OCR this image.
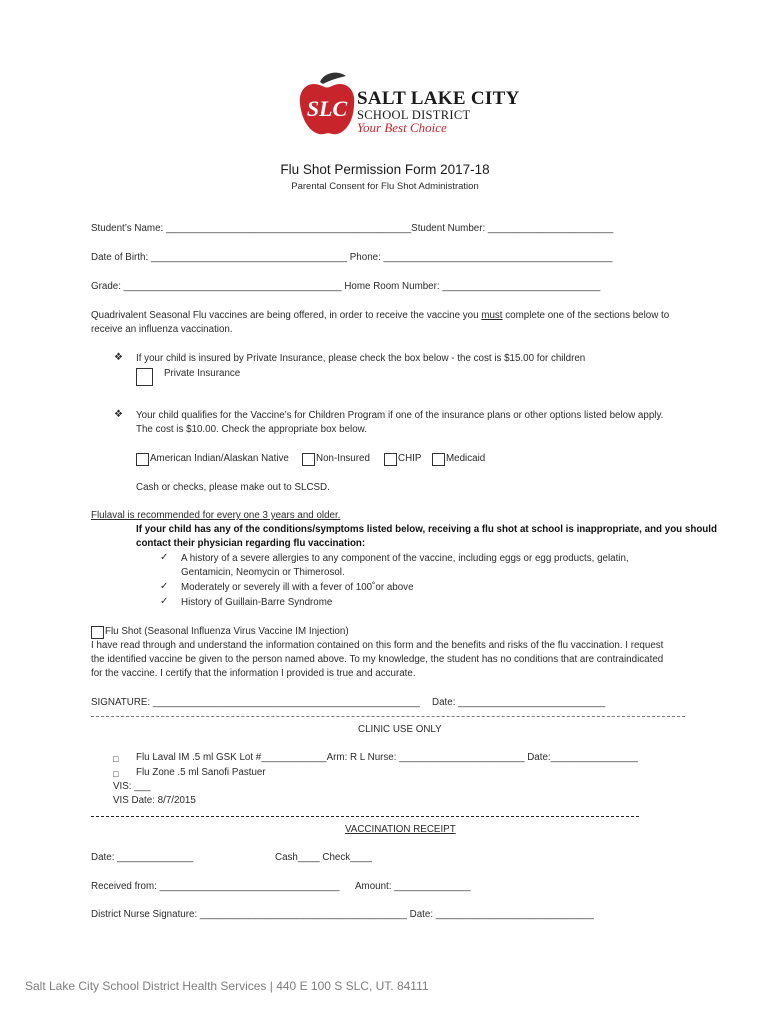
SLC SALT LAKE CITY
SCHOOL DISTRICT
Your Best Choice
Flu Shot Permission Form 2017-18
Parental Consent for Flu Shot Administration
Student’s Name: _____________________________________________Student Number: _______________________
Date of Birth: ____________________________________ Phone: __________________________________________
Grade: ________________________________________ Home Room Number: _____________________________
Quadrivalent Seasonal Flu vaccines are being offered, in order to receive the vaccine you must complete one of the sections below to
receive an influenza vaccination.
❖ If your child is insured by Private Insurance, please check the box below - the cost is $15.00 for children
Private Insurance
❖ Your child qualifies for the Vaccine’s for Children Program if one of the insurance plans or other options listed below apply.
The cost is $10.00. Check the appropriate box below.
American Indian/Alaskan Native	Non-Insured	CHIP	Medicaid
Cash or checks, please make out to SLCSD.
Flulaval is recommended for every one 3 years and older.
If your child has any of the conditions/symptoms listed below, receiving a flu shot at school is inappropriate, and you should
contact their physician regarding flu vaccination:
✓ A history of a severe allergies to any component of the vaccine, including eggs or egg products, gelatin,
Gentamicin, Neomycin or Thimerosol.
✓ Moderately or severely ill with a fever of 100˚or above
✓ History of Guillain-Barre Syndrome
Flu Shot (Seasonal Influenza Virus Vaccine IM Injection)
I have read through and understand the information contained on this form and the benefits and risks of the flu vaccination. I request
the identified vaccine be given to the person named above. To my knowledge, the student has no conditions that are contraindicated
for the vaccine. I certify that the information I provided is true and accurate.
SIGNATURE: _________________________________________________ Date: ___________________________
CLINIC USE ONLY
□ Flu Laval IM .5 ml GSK Lot #____________Arm: R L Nurse: _______________________ Date:________________
□ Flu Zone .5 ml Sanofi Pastuer
VIS: ___
VIS Date: 8/7/2015
VACCINATION RECEIPT
Date: ______________	Cash____ Check____
Received from: _________________________________ Amount: ______________
District Nurse Signature: ______________________________________ Date: _____________________________
Salt Lake City School District Health Services | 440 E 100 S SLC, UT. 84111
